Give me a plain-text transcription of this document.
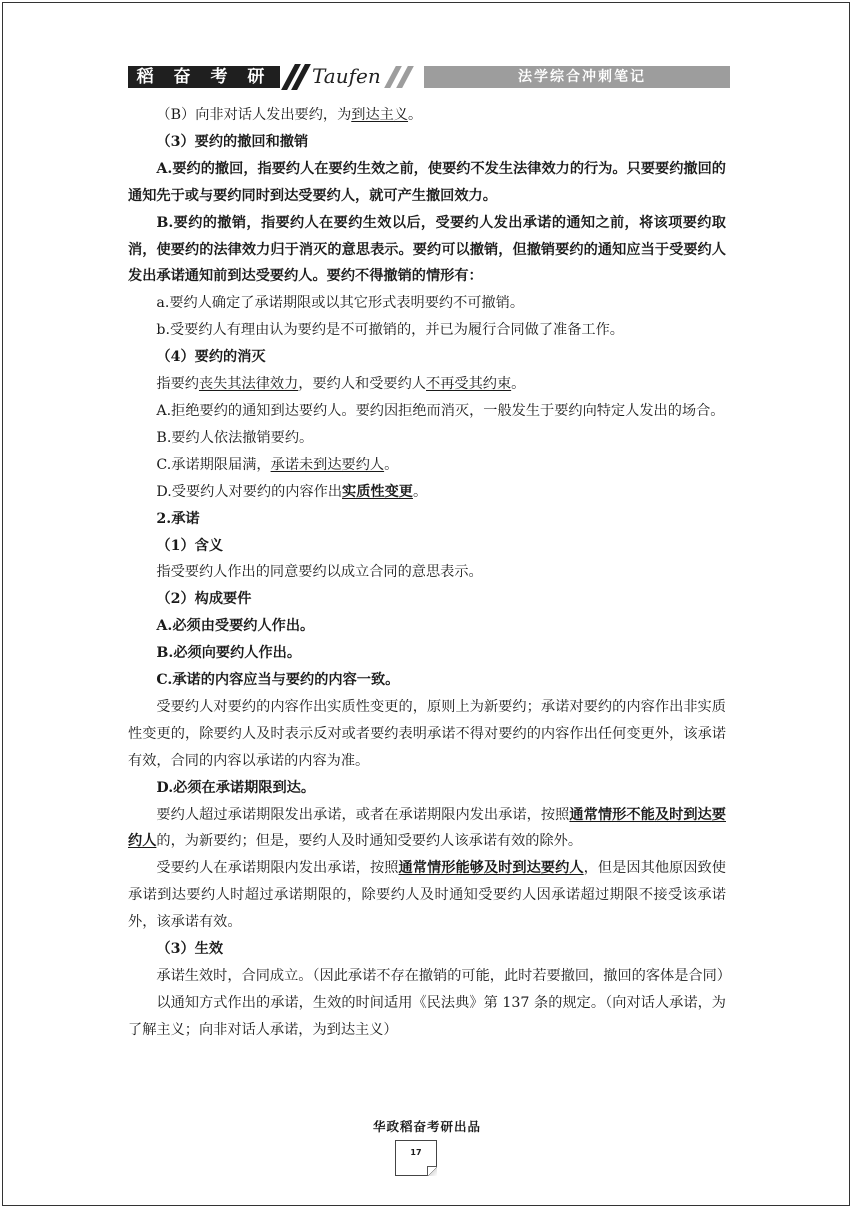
稻 奋 考 研	Taufen	法学综合冲刺笔记

（B）向非对话人发出要约，为到达主义。

（3）要约的撤回和撤销

A.要约的撤回，指要约人在要约生效之前，使要约不发生法律效力的行为。只要要约撤回的通知先于或与要约同时到达受要约人，就可产生撤回效力。

B.要约的撤销，指要约人在要约生效以后，受要约人发出承诺的通知之前，将该项要约取消，使要约的法律效力归于消灭的意思表示。要约可以撤销，但撤销要约的通知应当于受要约人发出承诺通知前到达受要约人。要约不得撤销的情形有：

a.要约人确定了承诺期限或以其它形式表明要约不可撤销。

b.受要约人有理由认为要约是不可撤销的，并已为履行合同做了准备工作。

（4）要约的消灭

指要约丧失其法律效力，要约人和受要约人不再受其约束。

A.拒绝要约的通知到达要约人。要约因拒绝而消灭，一般发生于要约向特定人发出的场合。

B.要约人依法撤销要约。

C.承诺期限届满，承诺未到达要约人。

D.受要约人对要约的内容作出实质性变更。

2.承诺

（1）含义

指受要约人作出的同意要约以成立合同的意思表示。

（2）构成要件

A.必须由受要约人作出。

B.必须向要约人作出。

C.承诺的内容应当与要约的内容一致。

受要约人对要约的内容作出实质性变更的，原则上为新要约；承诺对要约的内容作出非实质性变更的，除要约人及时表示反对或者要约表明承诺不得对要约的内容作出任何变更外，该承诺有效，合同的内容以承诺的内容为准。

D.必须在承诺期限到达。

要约人超过承诺期限发出承诺，或者在承诺期限内发出承诺，按照通常情形不能及时到达要约人的，为新要约；但是，要约人及时通知受要约人该承诺有效的除外。

受要约人在承诺期限内发出承诺，按照通常情形能够及时到达要约人，但是因其他原因致使承诺到达要约人时超过承诺期限的，除要约人及时通知受要约人因承诺超过期限不接受该承诺外，该承诺有效。

（3）生效

承诺生效时，合同成立。（因此承诺不存在撤销的可能，此时若要撤回，撤回的客体是合同）

以通知方式作出的承诺，生效的时间适用《民法典》第 137 条的规定。（向对话人承诺，为了解主义；向非对话人承诺，为到达主义）

华政稻奋考研出品
17
